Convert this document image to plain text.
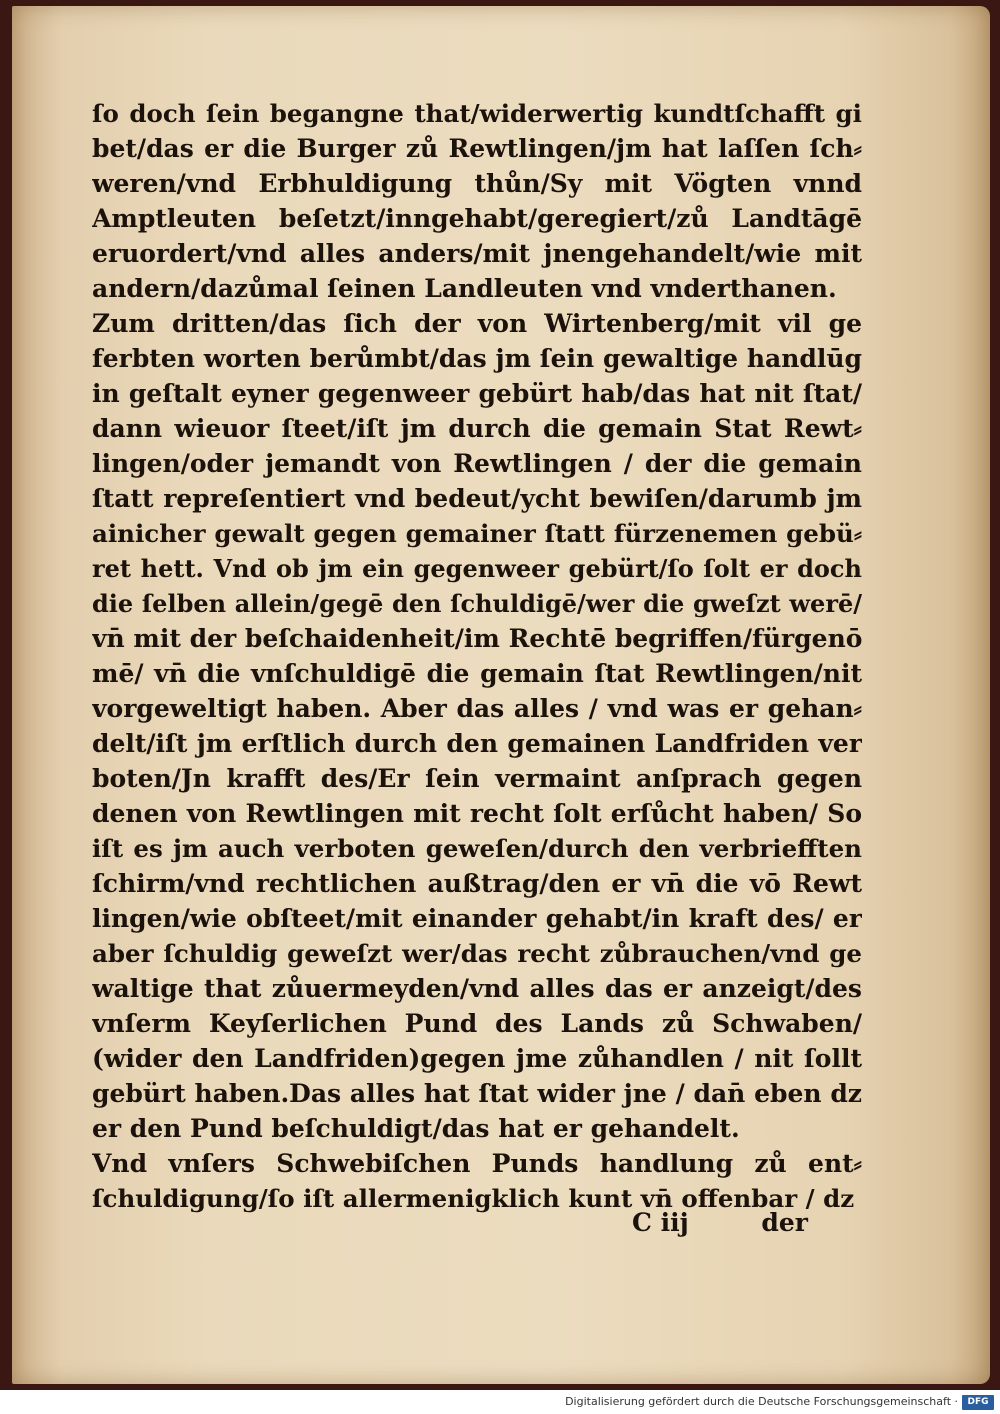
ſo doch ſein begangne that/widerwertig kundtſchafft gi
bet/das er die Burger zů Rewtlingen/jm hat laſſen ſch⸗
weren/vnd Erbhuldigung thůn/Sy mit Vögten vnnd
Amptleuten beſetzt/inngehabt/geregiert/zů Landtāgē
eruordert/vnd alles anders/mit jnengehandelt/wie mit
andern/dazůmal ſeinen Landleuten vnd vnderthanen.
Zum dritten/das ſich der von Wirtenberg/mit vil ge
ferbten worten berůmbt/das jm ſein gewaltige handlūg
in geſtalt eyner gegenweer gebürt hab/das hat nit ſtat/
dann wieuor ſteet/iſt jm durch die gemain Stat Rewt⸗
lingen/oder jemandt von Rewtlingen / der die gemain
ſtatt repreſentiert vnd bedeut/ycht bewiſen/darumb jm
ainicher gewalt gegen gemainer ſtatt fürzenemen gebü⸗
ret hett. Vnd ob jm ein gegenweer gebürt/ſo ſolt er doch
die ſelben allein/gegē den ſchuldigē/wer die gweſzt werē/
vn̄ mit der beſchaidenheit/im Rechtē begriffen/fürgenō
mē/ vn̄ die vnſchuldigē die gemain ſtat Rewtlingen/nit
vorgeweltigt haben. Aber das alles / vnd was er gehan⸗
delt/iſt jm erſtlich durch den gemainen Landfriden ver
boten/Jn krafft des/Er ſein vermaint anſprach gegen
denen von Rewtlingen mit recht ſolt erſůcht haben/ So
iſt es jm auch verboten geweſen/durch den verbriefften
ſchirm/vnd rechtlichen außtrag/den er vn̄ die vō Rewt
lingen/wie obſteet/mit einander gehabt/in kraft des/ er
aber ſchuldig geweſzt wer/das recht zůbrauchen/vnd ge
waltige that zůuermeyden/vnd alles das er anzeigt/des
vnſerm Keyſerlichen Pund des Lands zů Schwaben/
(wider den Landfriden)gegen jme zůhandlen / nit ſollt
gebürt haben.Das alles hat ſtat wider jne / dan̄ eben dz
er den Pund beſchuldigt/das hat er gehandelt.
Vnd vnſers Schwebiſchen Punds handlung zů ent⸗
ſchuldigung/ſo iſt allermenigklich kunt vn̄ offenbar / dz
C iij	der
Digitalisierung gefördert durch die Deutsche Forschungsgemeinschaft ·	DFG
